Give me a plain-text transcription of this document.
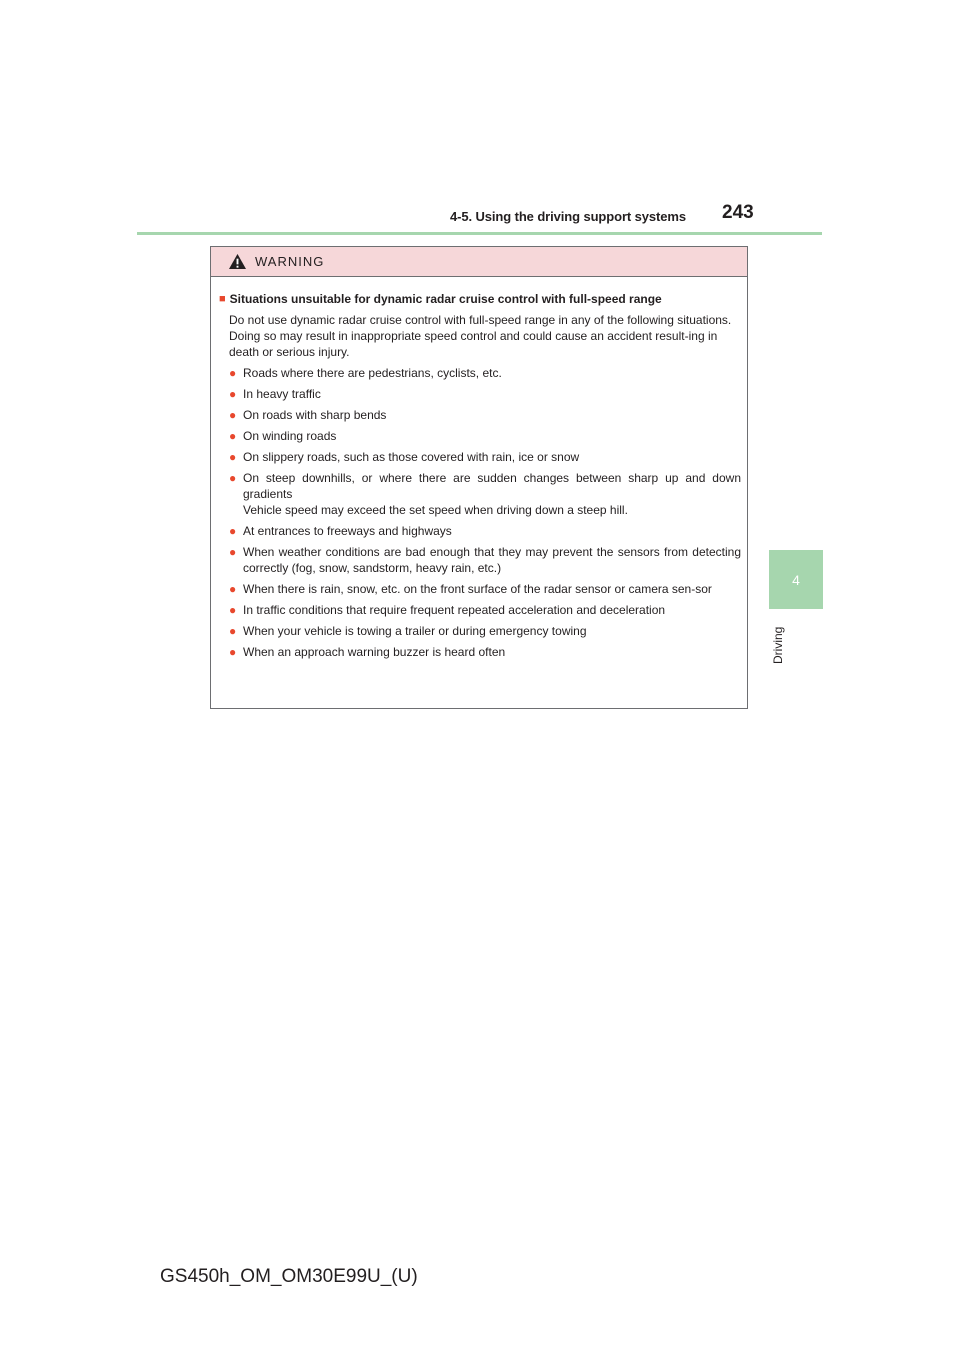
4-5. Using the driving support systems 243
4
Driving
WARNING
■ Situations unsuitable for dynamic radar cruise control with full-speed range

Do not use dynamic radar cruise control with full-speed range in any of the following situations.

Doing so may result in inappropriate speed control and could cause an accident result-ing in death or serious injury.

● Roads where there are pedestrians, cyclists, etc.

● In heavy traffic

● On roads with sharp bends

● On winding roads

● On slippery roads, such as those covered with rain, ice or snow

● On steep downhills, or where there are sudden changes between sharp up and down gradients

Vehicle speed may exceed the set speed when driving down a steep hill.

● At entrances to freeways and highways

● When weather conditions are bad enough that they may prevent the sensors from detecting correctly (fog, snow, sandstorm, heavy rain, etc.)

● When there is rain, snow, etc. on the front surface of the radar sensor or camera sen-sor

● In traffic conditions that require frequent repeated acceleration and deceleration

● When your vehicle is towing a trailer or during emergency towing

● When an approach warning buzzer is heard often

GS450h_OM_OM30E99U_(U)
